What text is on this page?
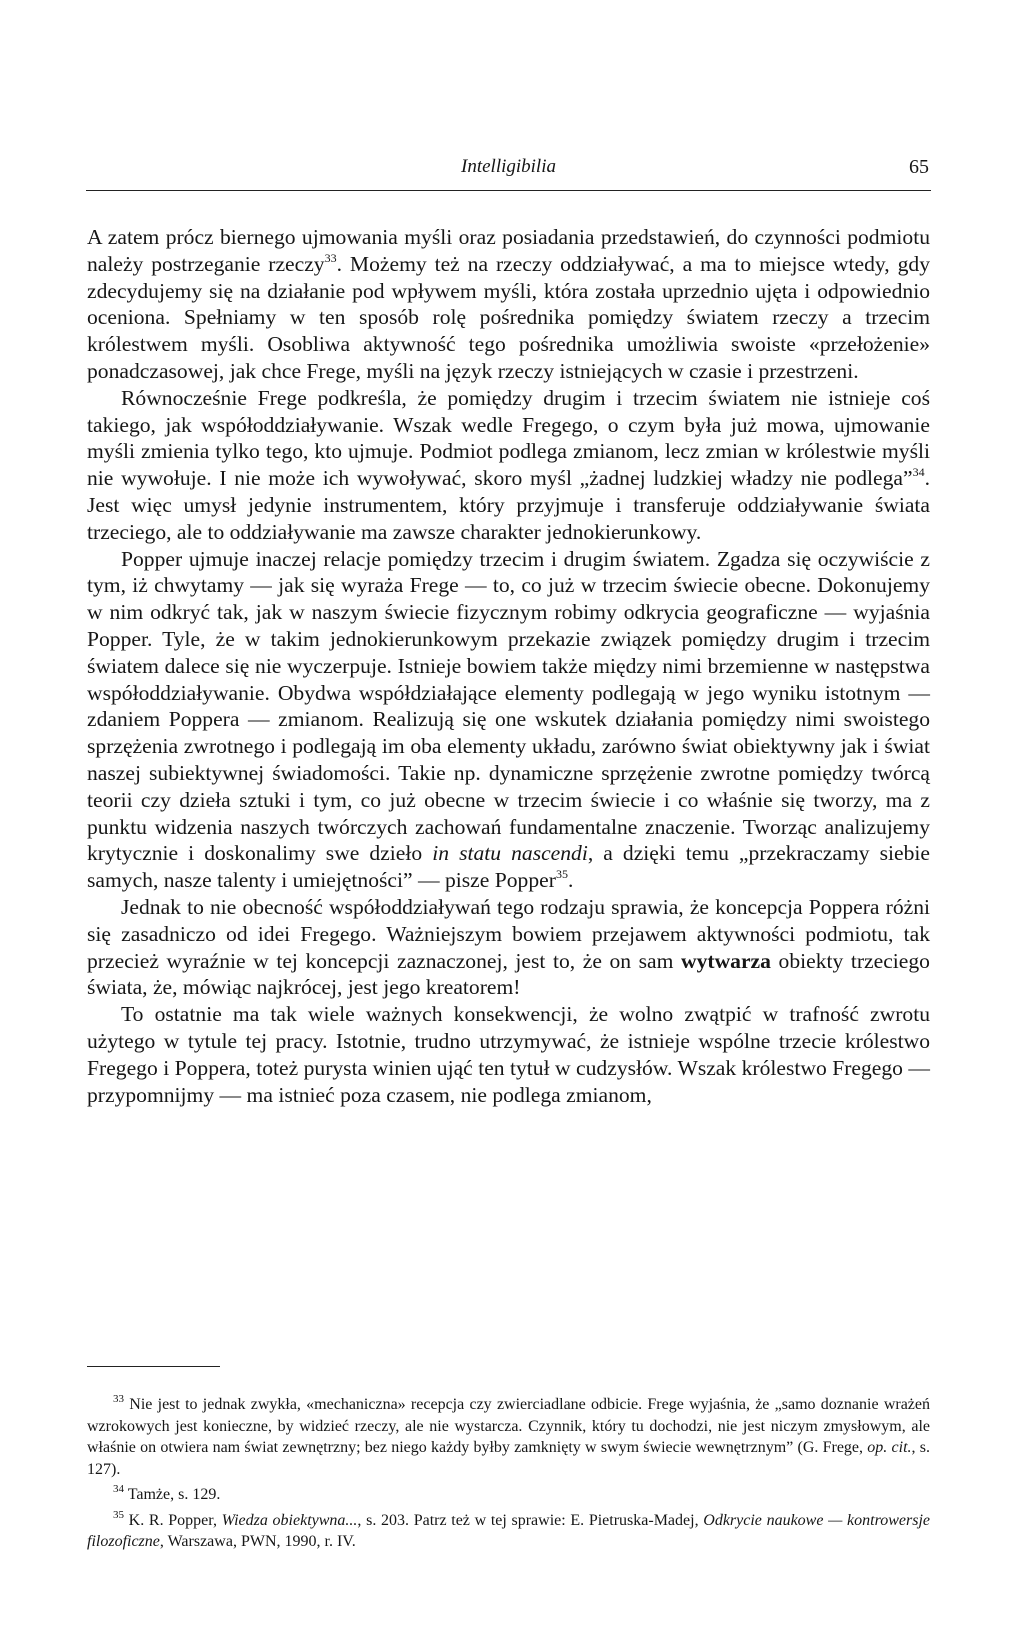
Intelligibilia	65

A zatem prócz biernego ujmowania myśli oraz posiadania przedstawień, do czynności podmiotu należy postrzeganie rzeczy$^{33}$. Możemy też na rzeczy oddziaływać, a ma to miejsce wtedy, gdy zdecydujemy się na działanie pod wpływem myśli, która została uprzednio ujęta i odpowiednio oceniona. Spełniamy w ten sposób rolę pośrednika pomiędzy światem rzeczy a trzecim królestwem myśli. Osobliwa aktywność tego pośrednika umożliwia swoiste «przełożenie» ponadczasowej, jak chce Frege, myśli na język rzeczy istniejących w czasie i przestrzeni.

Równocześnie Frege podkreśla, że pomiędzy drugim i trzecim światem nie istnieje coś takiego, jak współoddziaływanie. Wszak wedle Fregego, o czym była już mowa, ujmowanie myśli zmienia tylko tego, kto ujmuje. Podmiot podlega zmianom, lecz zmian w królestwie myśli nie wywołuje. I nie może ich wywoływać, skoro myśl „żadnej ludzkiej władzy nie podlega”$^{34}$. Jest więc umysł jedynie instrumentem, który przyjmuje i transferuje oddziaływanie świata trzeciego, ale to oddziaływanie ma zawsze charakter jednokierunkowy.

Popper ujmuje inaczej relacje pomiędzy trzecim i drugim światem. Zgadza się oczywiście z tym, iż chwytamy — jak się wyraża Frege — to, co już w trzecim świecie obecne. Dokonujemy w nim odkryć tak, jak w naszym świecie fizycznym robimy odkrycia geograficzne — wyjaśnia Popper. Tyle, że w takim jednokierunkowym przekazie związek pomiędzy drugim i trzecim światem dalece się nie wyczerpuje. Istnieje bowiem także między nimi brzemienne w następstwa współoddziaływanie. Obydwa współdziałające elementy podlegają w jego wyniku istotnym — zdaniem Poppera — zmianom. Realizują się one wskutek działania pomiędzy nimi swoistego sprzężenia zwrotnego i podlegają im oba elementy układu, zarówno świat obiektywny jak i świat naszej subiektywnej świadomości. Takie np. dynamiczne sprzężenie zwrotne pomiędzy twórcą teorii czy dzieła sztuki i tym, co już obecne w trzecim świecie i co właśnie się tworzy, ma z punktu widzenia naszych twórczych zachowań fundamentalne znaczenie. Tworząc analizujemy krytycznie i doskonalimy swe dzieło in statu nascendi, a dzięki temu „przekraczamy siebie samych, nasze talenty i umiejętności” — pisze Popper$^{35}$.

Jednak to nie obecność współoddziaływań tego rodzaju sprawia, że koncepcja Poppera różni się zasadniczo od idei Fregego. Ważniejszym bowiem przejawem aktywności podmiotu, tak przecież wyraźnie w tej koncepcji zaznaczonej, jest to, że on sam wytwarza obiekty trzeciego świata, że, mówiąc najkrócej, jest jego kreatorem!

To ostatnie ma tak wiele ważnych konsekwencji, że wolno zwątpić w trafność zwrotu użytego w tytule tej pracy. Istotnie, trudno utrzymywać, że istnieje wspólne trzecie królestwo Fregego i Poppera, toteż purysta winien ująć ten tytuł w cudzysłów. Wszak królestwo Fregego — przypomnijmy — ma istnieć poza czasem, nie podlega zmianom,

$^{33}$ Nie jest to jednak zwykła, «mechaniczna» recepcja czy zwierciadlane odbicie. Frege wyjaśnia, że „samo doznanie wrażeń wzrokowych jest konieczne, by widzieć rzeczy, ale nie wystarcza. Czynnik, który tu dochodzi, nie jest niczym zmysłowym, ale właśnie on otwiera nam świat zewnętrzny; bez niego każdy byłby zamknięty w swym świecie wewnętrznym” (G. Frege, op. cit., s. 127).

$^{34}$ Tamże, s. 129.

$^{35}$ K. R. Popper, Wiedza obiektywna..., s. 203. Patrz też w tej sprawie: E. Pietruska-Madej, Odkrycie naukowe — kontrowersje filozoficzne, Warszawa, PWN, 1990, r. IV.
